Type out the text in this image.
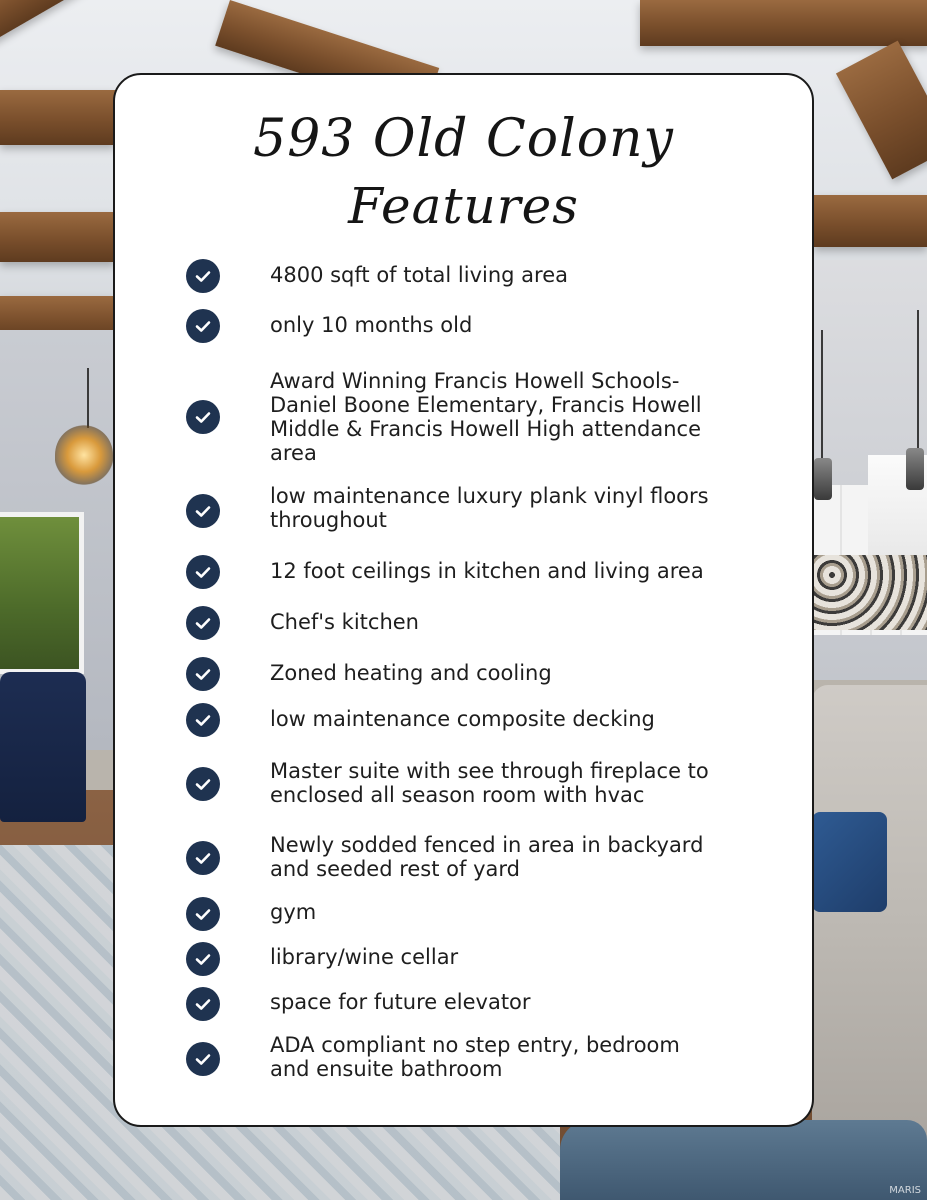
593 Old Colony
Features
4800 sqft of total living area
only 10 months old
Award Winning Francis Howell Schools-
Daniel Boone Elementary, Francis Howell
Middle & Francis Howell High attendance
area
low maintenance luxury plank vinyl floors
throughout
12 foot ceilings in kitchen and living area
Chef's kitchen
Zoned heating and cooling
low maintenance composite decking
Master suite with see through fireplace to
enclosed all season room with hvac
Newly sodded fenced in area in backyard
and seeded rest of yard
gym
library/wine cellar
space for future elevator
ADA compliant no step entry, bedroom
and ensuite bathroom
MARIS
